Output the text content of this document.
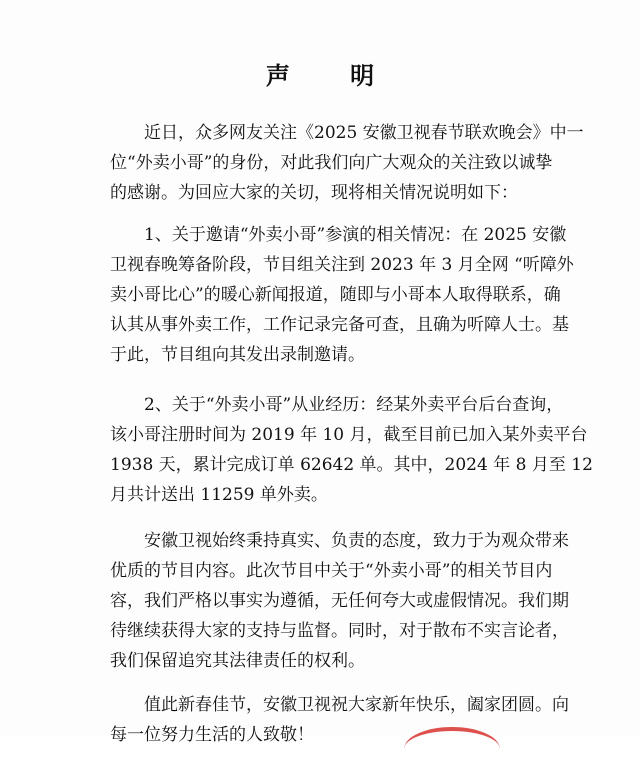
声 明
近日，众多网友关注《2025 安徽卫视春节联欢晚会》中一
位“外卖小哥”的身份，对此我们向广大观众的关注致以诚挚
的感谢。为回应大家的关切，现将相关情况说明如下：
1、关于邀请“外卖小哥”参演的相关情况：在 2025 安徽
卫视春晚筹备阶段，节目组关注到 2023 年 3 月全网 “听障外
卖小哥比心”的暖心新闻报道，随即与小哥本人取得联系，确
认其从事外卖工作，工作记录完备可查，且确为听障人士。基
于此，节目组向其发出录制邀请。
2、关于“外卖小哥”从业经历：经某外卖平台后台查询，
该小哥注册时间为 2019 年 10 月，截至目前已加入某外卖平台
1938 天，累计完成订单 62642 单。其中，2024 年 8 月至 12
月共计送出 11259 单外卖。
安徽卫视始终秉持真实、负责的态度，致力于为观众带来
优质的节目内容。此次节目中关于“外卖小哥”的相关节目内
容，我们严格以事实为遵循，无任何夸大或虚假情况。我们期
待继续获得大家的支持与监督。同时，对于散布不实言论者，
我们保留追究其法律责任的权利。
值此新春佳节，安徽卫视祝大家新年快乐，阖家团圆。向
每一位努力生活的人致敬！
